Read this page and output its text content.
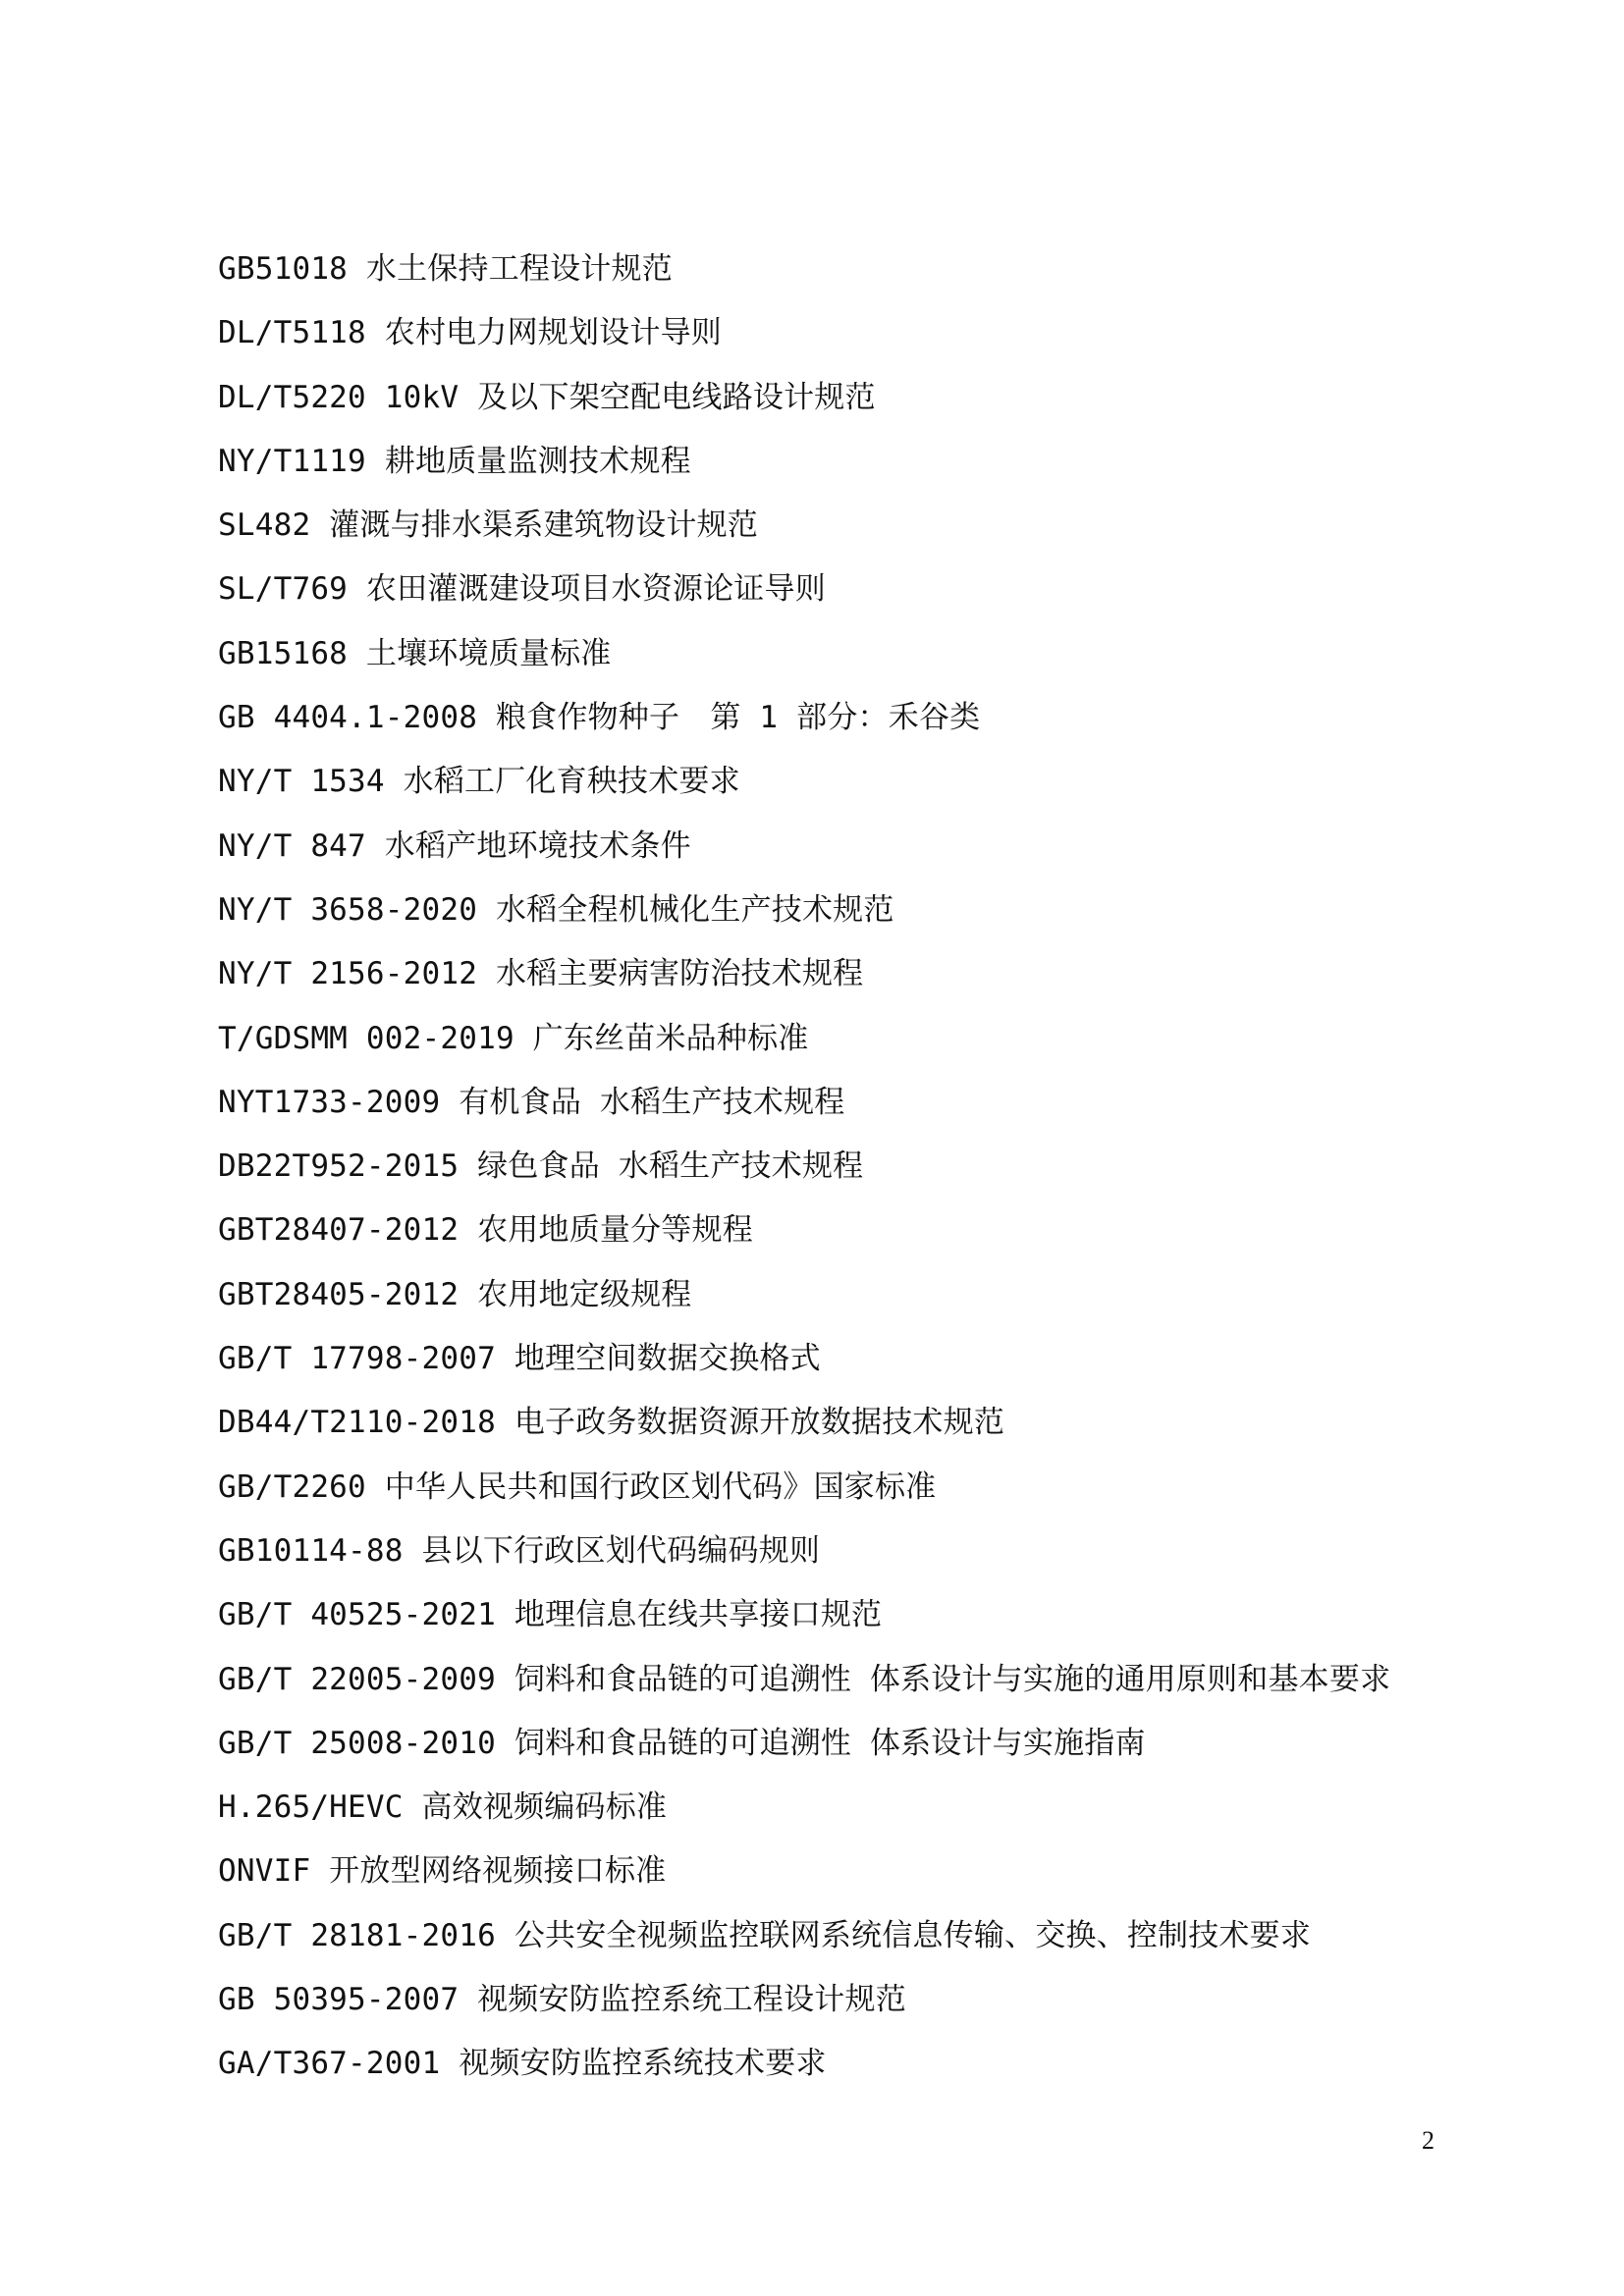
GB51018 水土保持工程设计规范
DL/T5118 农村电力网规划设计导则
DL/T5220 10kV 及以下架空配电线路设计规范
NY/T1119 耕地质量监测技术规程
SL482 灌溉与排水渠系建筑物设计规范
SL/T769 农田灌溉建设项目水资源论证导则
GB15168 土壤环境质量标准
GB 4404.1-2008 粮食作物种子　第 1 部分：禾谷类
NY/T 1534 水稻工厂化育秧技术要求
NY/T 847 水稻产地环境技术条件
NY/T 3658-2020 水稻全程机械化生产技术规范
NY/T 2156-2012 水稻主要病害防治技术规程
T/GDSMM 002-2019 广东丝苗米品种标准
NYT1733-2009 有机食品 水稻生产技术规程
DB22T952-2015 绿色食品 水稻生产技术规程
GBT28407-2012 农用地质量分等规程
GBT28405-2012 农用地定级规程
GB/T 17798-2007 地理空间数据交换格式
DB44/T2110-2018 电子政务数据资源开放数据技术规范
GB/T2260 中华人民共和国行政区划代码》国家标准
GB10114-88 县以下行政区划代码编码规则
GB/T 40525-2021 地理信息在线共享接口规范
GB/T 22005-2009 饲料和食品链的可追溯性 体系设计与实施的通用原则和基本要求
GB/T 25008-2010 饲料和食品链的可追溯性 体系设计与实施指南
H.265/HEVC 高效视频编码标准
ONVIF 开放型网络视频接口标准
GB/T 28181-2016 公共安全视频监控联网系统信息传输、交换、控制技术要求
GB 50395-2007 视频安防监控系统工程设计规范
GA/T367-2001 视频安防监控系统技术要求
2
